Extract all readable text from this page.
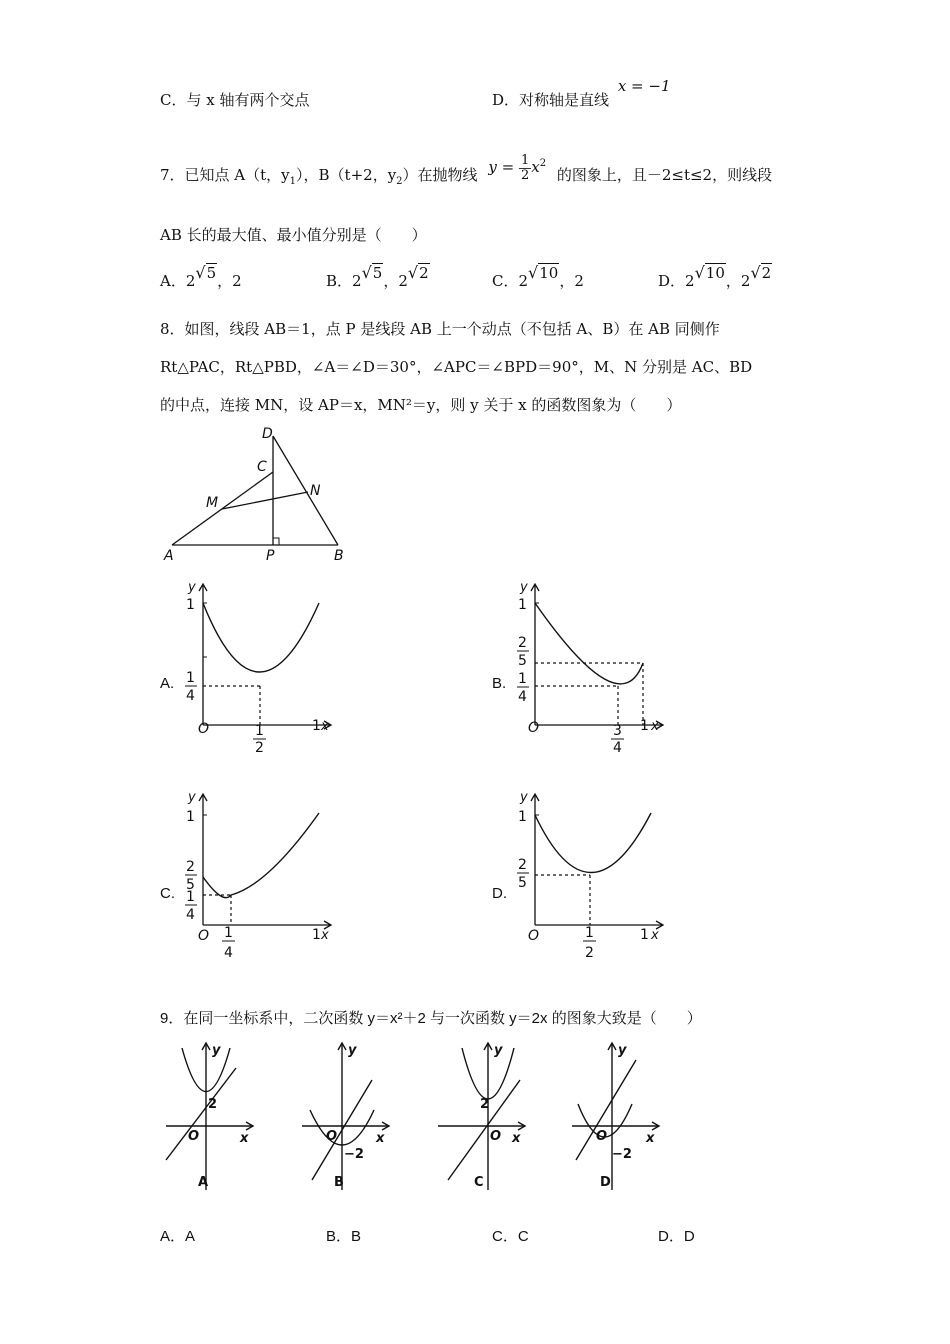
C．与 x 轴有两个交点	D．对称轴是直线 x = −1
7．已知点 A（t，$y_1$），B（t+2，$y_2$）在抛物线 $y = \frac{1}{2} x^2$ 的图象上，且－2≤t≤2，则线段
AB 长的最大值、最小值分别是（　　）
A．2√5，2	B．2√5，2√2	C．2√10，2	D．2√10，2√2
8．如图，线段 AB＝1，点 P 是线段 AB 上一个动点（不包括 A、B）在 AB 同侧作
Rt△PAC，Rt△PBD，∠A＝∠D＝30°，∠APC＝∠BPD＝90°，M、N 分别是 AC、BD
的中点，连接 MN，设 AP＝x，MN²＝y，则 y 关于 x 的函数图象为（　　）
A	B
P
D
C
M
N
A.	B.
C.	D.
y
1
1
4
O	1
2
1 x
y
1
2
5
1
4
O	3
4
1 x
y
1
2
5
1
4
O 1
4
1 x
y
1
2
5
O	1
2
1 x
9．在同一坐标系中，二次函数 y＝x²＋2 与一次函数 y＝2x 的图象大致是（　　）
y
2
O	x
A
y
−2
O	x
B
y
2
O x
C
y
−2
O	x
D
A．A	B．B	C．C	D．D
